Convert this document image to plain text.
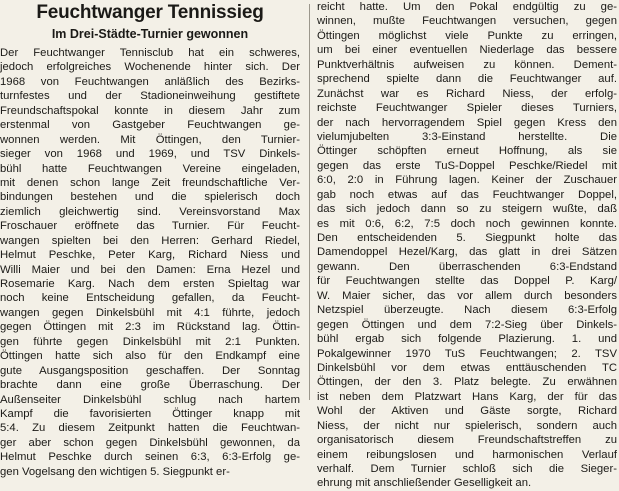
Feuchtwanger Tennissieg
Im Drei-Städte-Turnier gewonnen
Der Feuchtwanger Tennisclub hat ein schweres,
jedoch erfolgreiches Wochenende hinter sich. Der
1968 von Feuchtwangen anläßlich des Bezirks-
turnfestes und der Stadioneinweihung gestiftete
Freundschaftspokal konnte in diesem Jahr zum
erstenmal von Gastgeber Feuchtwangen ge-
wonnen werden. Mit Öttingen, den Turnier-
sieger von 1968 und 1969, und TSV Dinkels-
bühl hatte Feuchtwangen Vereine eingeladen,
mit denen schon lange Zeit freundschaftliche Ver-
bindungen bestehen und die spielerisch doch
ziemlich gleichwertig sind. Vereinsvorstand Max
Froschauer eröffnete das Turnier. Für Feucht-
wangen spielten bei den Herren: Gerhard Riedel,
Helmut Peschke, Peter Karg, Richard Niess und
Willi Maier und bei den Damen: Erna Hezel und
Rosemarie Karg. Nach dem ersten Spieltag war
noch keine Entscheidung gefallen, da Feucht-
wangen gegen Dinkelsbühl mit 4:1 führte, jedoch
gegen Öttingen mit 2:3 im Rückstand lag. Öttin-
gen führte gegen Dinkelsbühl mit 2:1 Punkten.
Öttingen hatte sich also für den Endkampf eine
gute Ausgangsposition geschaffen. Der Sonntag
brachte dann eine große Überraschung. Der
Außenseiter Dinkelsbühl schlug nach hartem
Kampf die favorisierten Öttinger knapp mit
5:4. Zu diesem Zeitpunkt hatten die Feuchtwan-
ger aber schon gegen Dinkelsbühl gewonnen, da
Helmut Peschke durch seinen 6:3, 6:3-Erfolg ge-
gen Vogelsang den wichtigen 5. Siegpunkt er-
reicht hatte. Um den Pokal endgültig zu ge-
winnen, mußte Feuchtwangen versuchen, gegen
Öttingen möglichst viele Punkte zu erringen,
um bei einer eventuellen Niederlage das bessere
Punktverhältnis aufweisen zu können. Dement-
sprechend spielte dann die Feuchtwanger auf.
Zunächst war es Richard Niess, der erfolg-
reichste Feuchtwanger Spieler dieses Turniers,
der nach hervorragendem Spiel gegen Kress den
vielumjubelten 3:3-Einstand herstellte. Die
Öttinger schöpften erneut Hoffnung, als sie
gegen das erste TuS-Doppel Peschke/Riedel mit
6:0, 2:0 in Führung lagen. Keiner der Zuschauer
gab noch etwas auf das Feuchtwanger Doppel,
das sich jedoch dann so zu steigern wußte, daß
es mit 0:6, 6:2, 7:5 doch noch gewinnen konnte.
Den entscheidenden 5. Siegpunkt holte das
Damendoppel Hezel/Karg, das glatt in drei Sätzen
gewann. Den überraschenden 6:3-Endstand
für Feuchtwangen stellte das Doppel P. Karg/
W. Maier sicher, das vor allem durch besonders
Netzspiel überzeugte. Nach diesem 6:3-Erfolg
gegen Öttingen und dem 7:2-Sieg über Dinkels-
bühl ergab sich folgende Plazierung. 1. und
Pokalgewinner 1970 TuS Feuchtwangen; 2. TSV
Dinkelsbühl vor dem etwas enttäuschenden TC
Öttingen, der den 3. Platz belegte. Zu erwähnen
ist neben dem Platzwart Hans Karg, der für das
Wohl der Aktiven und Gäste sorgte, Richard
Niess, der nicht nur spielerisch, sondern auch
organisatorisch diesem Freundschaftstreffen zu
einem reibungslosen und harmonischen Verlauf
verhalf. Dem Turnier schloß sich die Sieger-
ehrung mit anschließender Geselligkeit an.
